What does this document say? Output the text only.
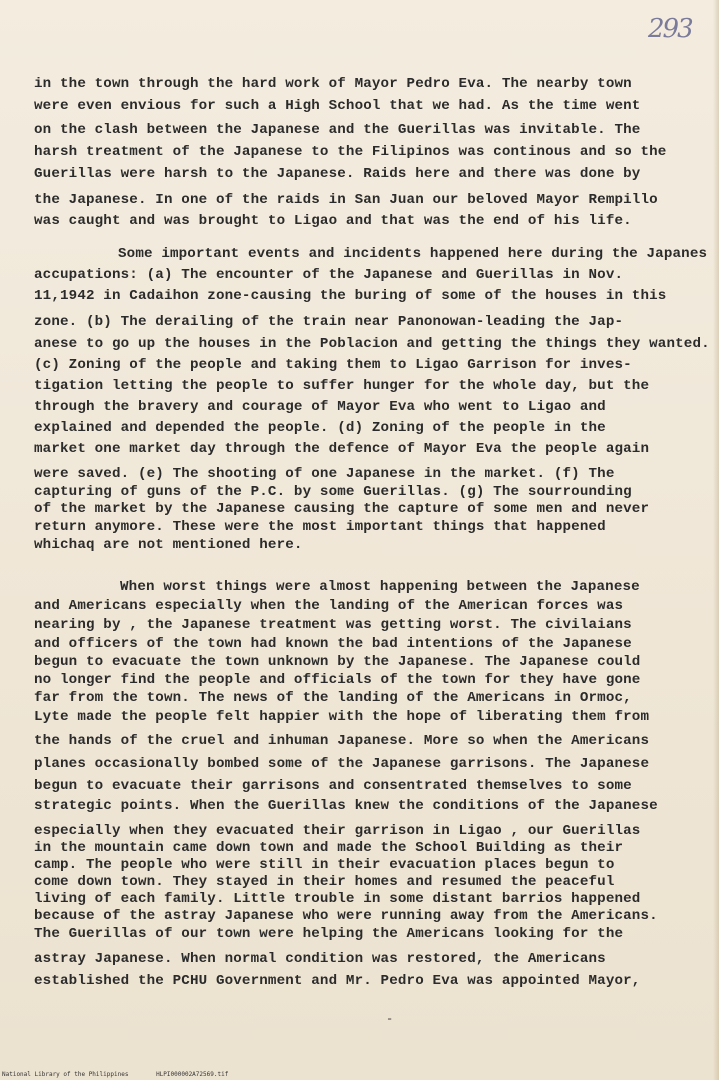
293
in the town through the hard work of Mayor Pedro Eva. The nearby town
were even envious for such a High School that we had. As the time went
on the clash between the Japanese and the Guerillas was invitable. The
harsh treatment of the Japanese to the Filipinos was continous and so the
Guerillas were harsh to the Japanese. Raids here and there was done by
the Japanese. In one of the raids in San Juan our beloved Mayor Rempillo
was caught and was brought to Ligao and that was the end of his life.
Some important events and incidents happened here during the Japanes
accupations: (a) The encounter of the Japanese and Guerillas in Nov.
11,1942 in Cadaihon zone-causing the buring of some of the houses in this
zone. (b) The derailing of the train near Panonowan-leading the Jap-
anese to go up the houses in the Poblacion and getting the things they wanted.
(c) Zoning of the people and taking them to Ligao Garrison for inves-
tigation letting the people to suffer hunger for the whole day, but the
through the bravery and courage of Mayor Eva who went to Ligao and
explained and depended the people. (d) Zoning of the people in the
market one market day through the defence of Mayor Eva the people again
were saved. (e) The shooting of one Japanese in the market. (f) The
capturing of guns of the P.C. by some Guerillas. (g) The sourrounding
of the market by the Japanese causing the capture of some men and never
return anymore. These were the most important things that happened
whichaq are not mentioned here.
When worst things were almost happening between the Japanese
and Americans especially when the landing of the American forces was
nearing by , the Japanese treatment was getting worst. The civilaians
and officers of the town had known the bad intentions of the Japanese
begun to evacuate the town unknown by the Japanese. The Japanese could
no longer find the people and officials of the town for they have gone
far from the town. The news of the landing of the Americans in Ormoc,
Lyte made the people felt happier with the hope of liberating them from
the hands of the cruel and inhuman Japanese. More so when the Americans
planes occasionally bombed some of the Japanese garrisons. The Japanese
begun to evacuate their garrisons and consentrated themselves to some
strategic points. When the Guerillas knew the conditions of the Japanese
especially when they evacuated their garrison in Ligao , our Guerillas
in the mountain came down town and made the School Building as their
camp. The people who were still in their evacuation places begun to
come down town. They stayed in their homes and resumed the peaceful
living of each family. Little trouble in some distant barrios happened
because of the astray Japanese who were running away from the Americans.
The Guerillas of our town were helping the Americans looking for the
astray Japanese. When normal condition was restored, the Americans
established the PCHU Government and Mr. Pedro Eva was appointed Mayor,
-
National Library of the Philippines	HLPI000002A72569.tif
